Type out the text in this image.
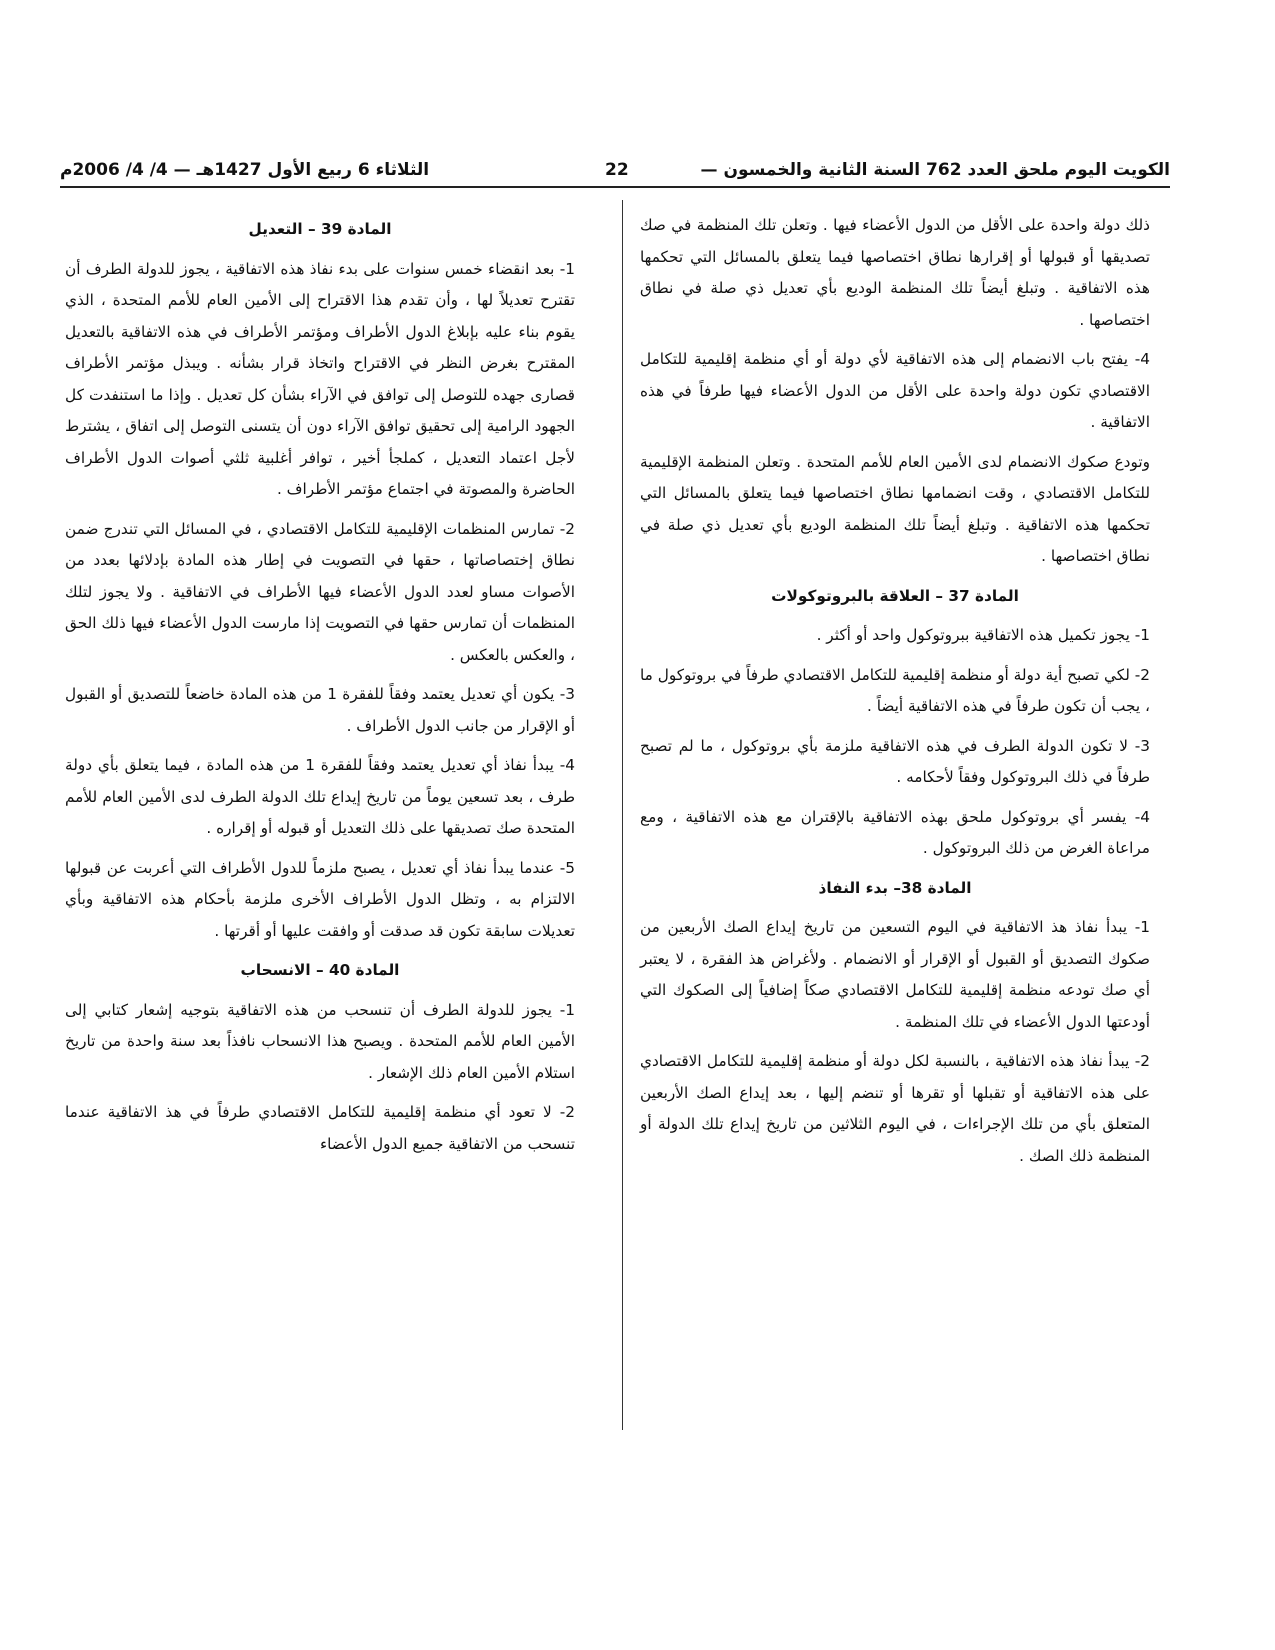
الكويت اليوم ملحق العدد 762 السنة الثانية والخمسون —
22
الثلاثاء 6 ربيع الأول 1427هـ — 4/ 4/ 2006م

ذلك دولة واحدة على الأقل من الدول الأعضاء فيها . وتعلن تلك المنظمة في صك تصديقها أو قبولها أو إقرارها نطاق اختصاصها فيما يتعلق بالمسائل التي تحكمها هذه الاتفاقية . وتبلغ أيضاً تلك المنظمة الوديع بأي تعديل ذي صلة في نطاق اختصاصها .

4- يفتح باب الانضمام إلى هذه الاتفاقية لأي دولة أو أي منظمة إقليمية للتكامل الاقتصادي تكون دولة واحدة على الأقل من الدول الأعضاء فيها طرفاً في هذه الاتفاقية .

وتودع صكوك الانضمام لدى الأمين العام للأمم المتحدة . وتعلن المنظمة الإقليمية للتكامل الاقتصادي ، وقت انضمامها نطاق اختصاصها فيما يتعلق بالمسائل التي تحكمها هذه الاتفاقية . وتبلغ أيضاً تلك المنظمة الوديع بأي تعديل ذي صلة في نطاق اختصاصها .

المادة 37 – العلاقة بالبروتوكولات

1- يجوز تكميل هذه الاتفاقية ببروتوكول واحد أو أكثر .

2- لكي تصبح أية دولة أو منظمة إقليمية للتكامل الاقتصادي طرفاً في بروتوكول ما ، يجب أن تكون طرفاً في هذه الاتفاقية أيضاً .

3- لا تكون الدولة الطرف في هذه الاتفاقية ملزمة بأي بروتوكول ، ما لم تصبح طرفاً في ذلك البروتوكول وفقاً لأحكامه .

4- يفسر أي بروتوكول ملحق بهذه الاتفاقية بالإقتران مع هذه الاتفاقية ، ومع مراعاة الغرض من ذلك البروتوكول .

المادة 38– بدء النفاذ

1- يبدأ نفاذ هذ الاتفاقية في اليوم التسعين من تاريخ إيداع الصك الأربعين من صكوك التصديق أو القبول أو الإقرار أو الانضمام . ولأغراض هذ الفقرة ، لا يعتبر أي صك تودعه منظمة إقليمية للتكامل الاقتصادي صكاً إضافياً إلى الصكوك التي أودعتها الدول الأعضاء في تلك المنظمة .

2- يبدأ نفاذ هذه الاتفاقية ، بالنسبة لكل دولة أو منظمة إقليمية للتكامل الاقتصادي على هذه الاتفاقية أو تقبلها أو تقرها أو تنضم إليها ، بعد إيداع الصك الأربعين المتعلق بأي من تلك الإجراءات ، في اليوم الثلاثين من تاريخ إيداع تلك الدولة أو المنظمة ذلك الصك .

المادة 39 – التعديل

1- بعد انقضاء خمس سنوات على بدء نفاذ هذه الاتفاقية ، يجوز للدولة الطرف أن تقترح تعديلاً لها ، وأن تقدم هذا الاقتراح إلى الأمين العام للأمم المتحدة ، الذي يقوم بناء عليه بإبلاغ الدول الأطراف ومؤتمر الأطراف في هذه الاتفاقية بالتعديل المقترح بغرض النظر في الاقتراح واتخاذ قرار بشأنه . ويبذل مؤتمر الأطراف قصارى جهده للتوصل إلى توافق في الآراء بشأن كل تعديل . وإذا ما استنفدت كل الجهود الرامية إلى تحقيق توافق الآراء دون أن يتسنى التوصل إلى اتفاق ، يشترط لأجل اعتماد التعديل ، كملجأ أخير ، توافر أغلبية ثلثي أصوات الدول الأطراف الحاضرة والمصوتة في اجتماع مؤتمر الأطراف .

2- تمارس المنظمات الإقليمية للتكامل الاقتصادي ، في المسائل التي تندرج ضمن نطاق إختصاصاتها ، حقها في التصويت في إطار هذه المادة بإدلائها بعدد من الأصوات مساو لعدد الدول الأعضاء فيها الأطراف في الاتفاقية . ولا يجوز لتلك المنظمات أن تمارس حقها في التصويت إذا مارست الدول الأعضاء فيها ذلك الحق ، والعكس بالعكس .

3- يكون أي تعديل يعتمد وفقاً للفقرة 1 من هذه المادة خاضعاً للتصديق أو القبول أو الإقرار من جانب الدول الأطراف .

4- يبدأ نفاذ أي تعديل يعتمد وفقاً للفقرة 1 من هذه المادة ، فيما يتعلق بأي دولة طرف ، بعد تسعين يوماً من تاريخ إيداع تلك الدولة الطرف لدى الأمين العام للأمم المتحدة صك تصديقها على ذلك التعديل أو قبوله أو إقراره .

5- عندما يبدأ نفاذ أي تعديل ، يصبح ملزماً للدول الأطراف التي أعربت عن قبولها الالتزام به ، وتظل الدول الأطراف الأخرى ملزمة بأحكام هذه الاتفاقية وبأي تعديلات سابقة تكون قد صدقت أو وافقت عليها أو أقرتها .

المادة 40 – الانسحاب

1- يجوز للدولة الطرف أن تنسحب من هذه الاتفاقية بتوجيه إشعار كتابي إلى الأمين العام للأمم المتحدة . ويصبح هذا الانسحاب نافذاً بعد سنة واحدة من تاريخ استلام الأمين العام ذلك الإشعار .

2- لا تعود أي منظمة إقليمية للتكامل الاقتصادي طرفاً في هذ الاتفاقية عندما تنسحب من الاتفاقية جميع الدول الأعضاء
